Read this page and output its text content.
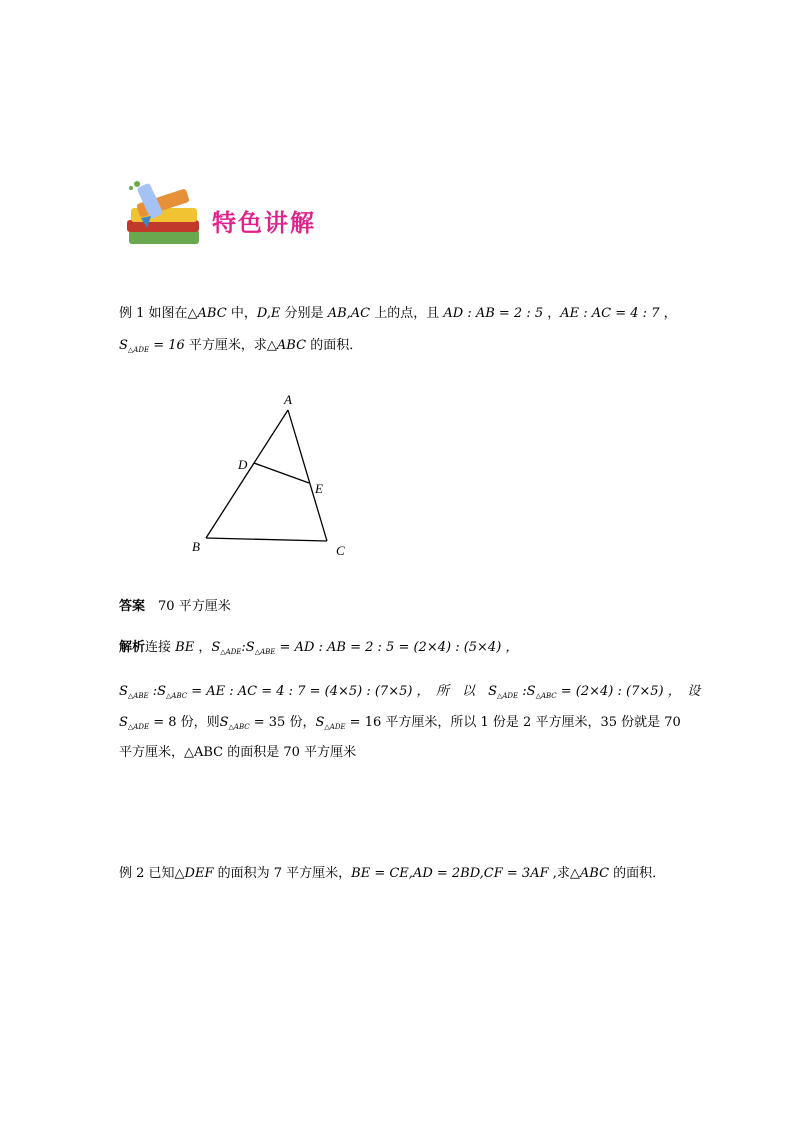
特色讲解
例 1 如图在△ABC 中，D,E 分别是 AB,AC 上的点，且 AD : AB = 2 : 5 ，AE : AC = 4 : 7 ，
$S_{\triangle ADE} = 16$ 平方厘米，求△ABC 的面积．
A
B	C
D
E
答案　 70 平方厘米
解析连接 BE ，$S_{\triangle ADE}:S_{\triangle ABE}$ = AD : AB = 2 : 5 = (2×4) : (5×4) ，
$S_{\triangle ABE}$ $:S_{\triangle ABC}$ = AE : AC = 4 : 7 = (4×5) : (7×5) ，　所　以　$S_{\triangle ADE}$ $:S_{\triangle ABC} = (2\times 4)$ : (7×5) ，　设
$S_{\triangle ADE} = 8$ 份，则$S_{\triangle ABC} = 35$ 份，$S_{\triangle ADE} = 16$ 平方厘米，所以 1 份是 2 平方厘米，35 份就是 70
平方厘米，△ABC 的面积是 70 平方厘米
例 2 已知△DEF 的面积为 7 平方厘米，BE = CE,AD = 2BD,CF = 3AF ,求△ABC 的面积．
